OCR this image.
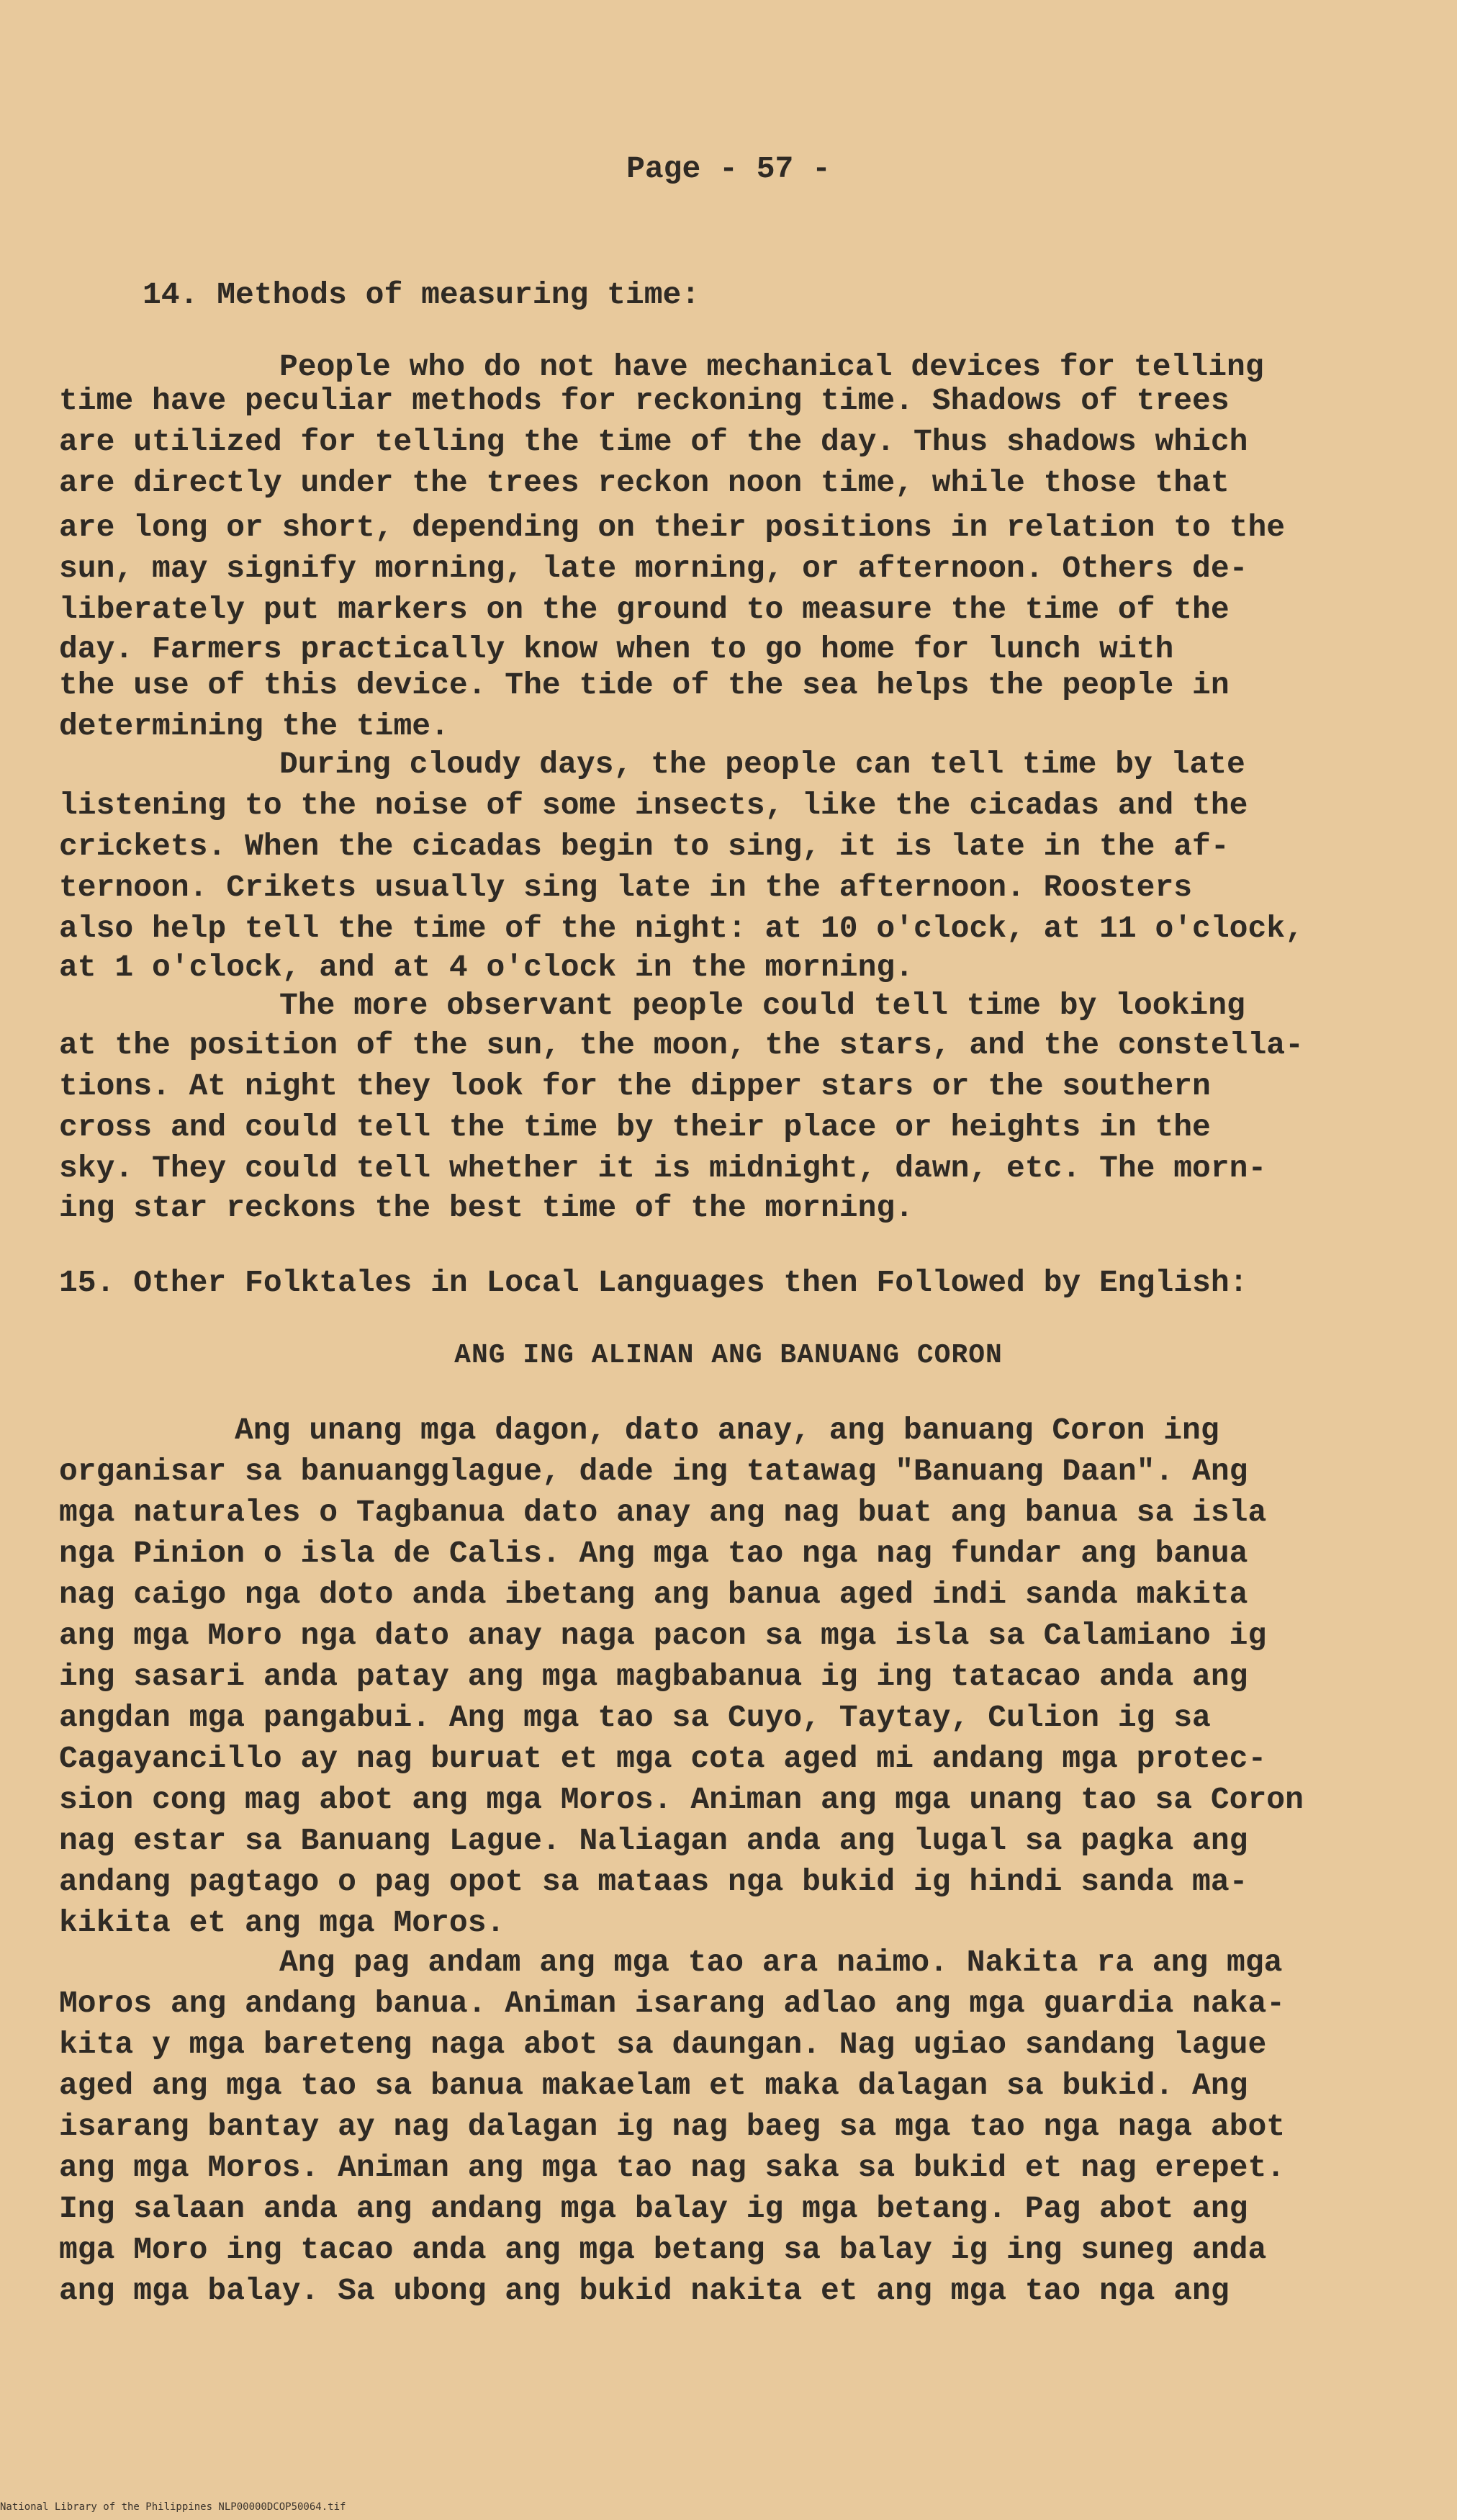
Page - 57 -
14. Methods of measuring time:
People who do not have mechanical devices for telling
time have peculiar methods for reckoning time. Shadows of trees
are utilized for telling the time of the day. Thus shadows which
are directly under the trees reckon noon time, while those that
are long or short, depending on their positions in relation to the
sun, may signify morning, late morning, or afternoon. Others de-
liberately put markers on the ground to measure the time of the
day. Farmers practically know when to go home for lunch with
the use of this device. The tide of the sea helps the people in
determining the time.
During cloudy days, the people can tell time by late
listening to the noise of some insects, like the cicadas and the
crickets. When the cicadas begin to sing, it is late in the af-
ternoon. Crikets usually sing late in the afternoon. Roosters
also help tell the time of the night: at 10 o'clock, at 11 o'clock,
at 1 o'clock, and at 4 o'clock in the morning.
The more observant people could tell time by looking
at the position of the sun, the moon, the stars, and the constella-
tions. At night they look for the dipper stars or the southern
cross and could tell the time by their place or heights in the
sky. They could tell whether it is midnight, dawn, etc. The morn-
ing star reckons the best time of the morning.
15. Other Folktales in Local Languages then Followed by English:
ANG ING ALINAN ANG BANUANG CORON
Ang unang mga dagon, dato anay, ang banuang Coron ing
organisar sa banuangglague, dade ing tatawag "Banuang Daan". Ang
mga naturales o Tagbanua dato anay ang nag buat ang banua sa isla
nga Pinion o isla de Calis. Ang mga tao nga nag fundar ang banua
nag caigo nga doto anda ibetang ang banua aged indi sanda makita
ang mga Moro nga dato anay naga pacon sa mga isla sa Calamiano ig
ing sasari anda patay ang mga magbabanua ig ing tatacao anda ang
angdan mga pangabui. Ang mga tao sa Cuyo, Taytay, Culion ig sa
Cagayancillo ay nag buruat et mga cota aged mi andang mga protec-
sion cong mag abot ang mga Moros. Animan ang mga unang tao sa Coron
nag estar sa Banuang Lague. Naliagan anda ang lugal sa pagka ang
andang pagtago o pag opot sa mataas nga bukid ig hindi sanda ma-
kikita et ang mga Moros.
Ang pag andam ang mga tao ara naimo. Nakita ra ang mga
Moros ang andang banua. Animan isarang adlao ang mga guardia naka-
kita y mga bareteng naga abot sa daungan. Nag ugiao sandang lague
aged ang mga tao sa banua makaelam et maka dalagan sa bukid. Ang
isarang bantay ay nag dalagan ig nag baeg sa mga tao nga naga abot
ang mga Moros. Animan ang mga tao nag saka sa bukid et nag erepet.
Ing salaan anda ang andang mga balay ig mga betang. Pag abot ang
mga Moro ing tacao anda ang mga betang sa balay ig ing suneg anda
ang mga balay. Sa ubong ang bukid nakita et ang mga tao nga ang
National Library of the Philippines NLP00000DCOP50064.tif
